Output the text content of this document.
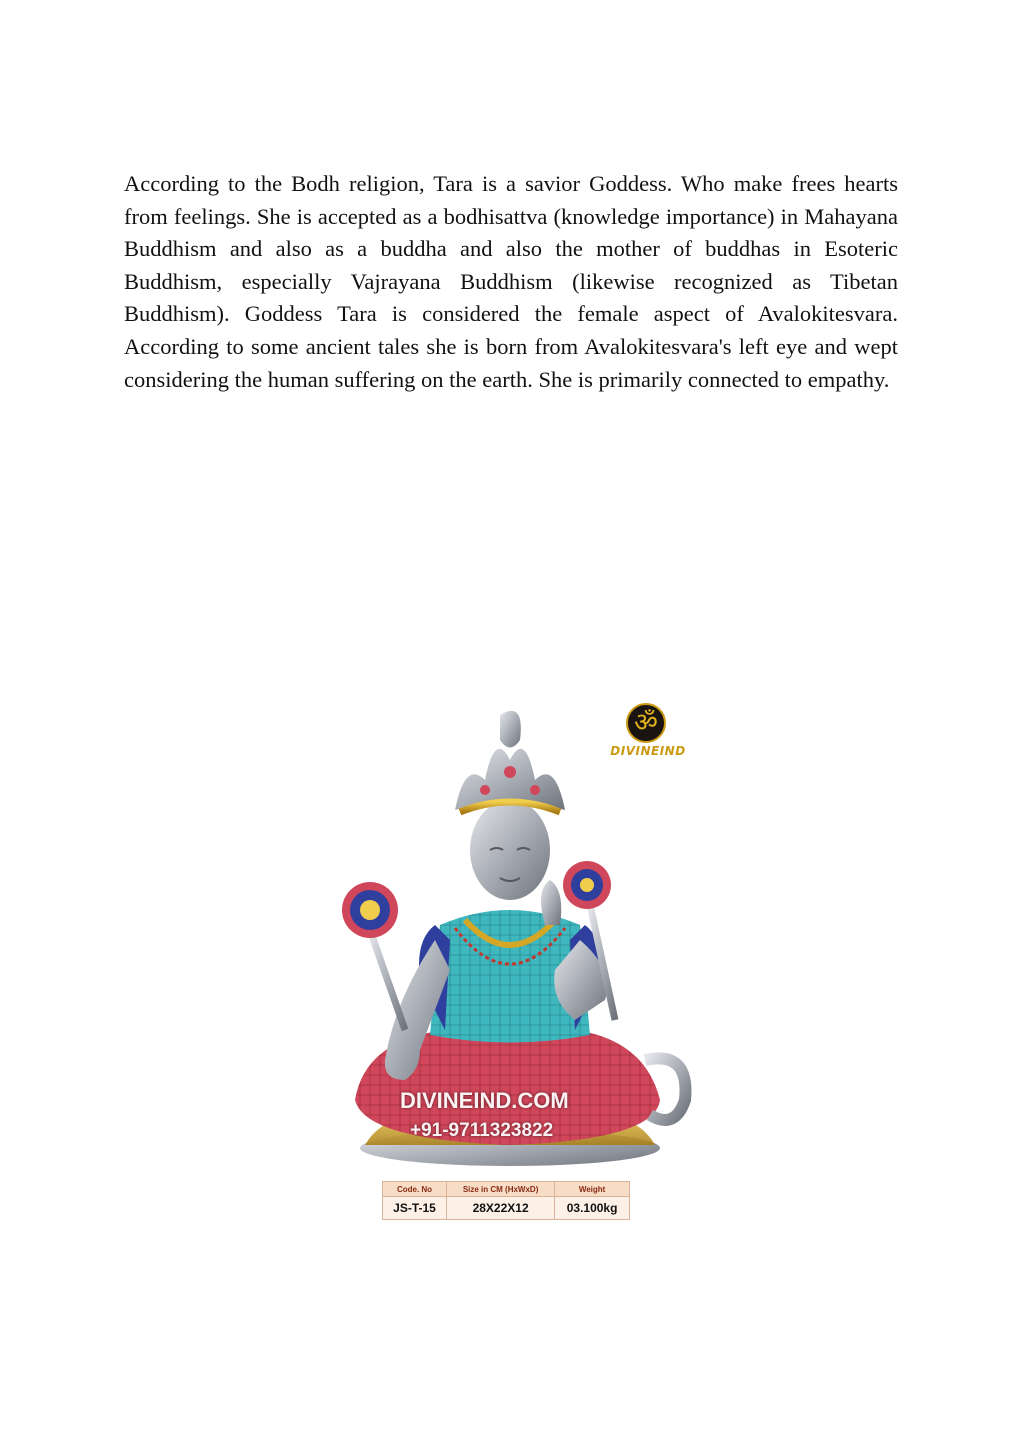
According to the Bodh religion, Tara is a savior Goddess. Who make frees hearts from feelings. She is accepted as a bodhisattva (knowledge importance) in Mahayana Buddhism and also as a buddha and also the mother of buddhas in Esoteric Buddhism, especially Vajrayana Buddhism (likewise recognized as Tibetan Buddhism). Goddess Tara is considered the female aspect of Avalokitesvara. According to some ancient tales she is born from Avalokitesvara's left eye and wept considering the human suffering on the earth. She is primarily connected to empathy.

DIVINEIND.COM
+91-9711323822
ॐ
DIVINEIND
Code. No	Size in CM (HxWxD)	Weight
JS-T-15	28X22X12	03.100kg
